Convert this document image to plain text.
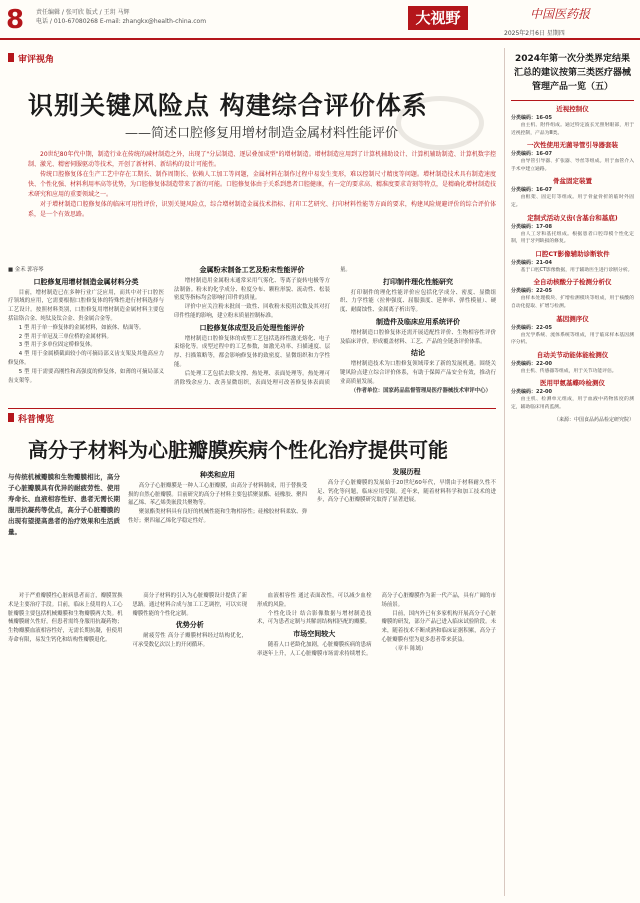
8 责任编辑 / 张可欣 版式 / 王玥 马辉
电话 / 010-67080268 E-mail: zhangkx@health-china.com	大视野	中国医药报
2025年2月6日 星期四
审评视角
识别关键风险点 构建综合评价体系
——简述口腔修复用增材制造金属材料性能评价

20世纪80年代中期，制造行业在传统的减材制造之外，出现了"分层制造、逐层叠加成型"的增材制造。增材制造应用到了计算机辅助设计、计算机辅助制造、计算机数字控制、激光、精密伺服驱动等技术，开创了新材料、新结构的设计可能性。

传统口腔修复体在生产工艺中存在工期长、制作周期长、依赖人工加工等问题，金属材料在制作过程中易发生变形，难以控制尺寸精度等问题。增材制造技术具有制造速度快、个性化强、材料利用率高等优势，为口腔修复体制造带来了新的可能。口腔修复体由于关系到患者口腔健康，有一定的要求高、精准度要求苛刻等特点，是精确化增材制造技术研究和应用的重要领域之一。

对于增材制造口腔修复体的临床可用性评价，识别关键风险点，综合增材制造金属技术指标、打印工艺研究、打印材料性能等方面的要求，构建风险规避评价的综合评价体系，是一个有效思路。

■ 金禾 郭容琴
口腔修复用增材制造金属材料分类

目前，增材制造已在多种行业广泛应用，而其中对于口腔医疗领域的应用，它需要根据口腔修复体的特殊性进行材料选择与工艺设计。按照材料类别，口腔修复用增材制造金属材料主要包括钴铬合金、纯钛及钛合金、贵金属合金等。

1 型 用于单一修复体的金属材料，如嵌体、贴面等。

2 型 用于单冠及三单位桥的金属材料。

3 型 用于多单位固定桥修复体。

4 型 用于金属横截面较小的可摘局部义齿支架及其他高应力修复体。

5 型 用于需要高刚性和高强度的修复体，如薄的可摘局部义齿支架等。

金属粉末制备工艺及粉末性能评价

增材制造用金属粉末通常采用气雾化、等离子旋转电极等方法制备。粉末的化学成分、粒度分布、颗粒形貌、流动性、松装密度等指标均会影响打印件的质量。

评价中应关注粉末批间一致性、回收粉末使用次数及其对打印件性能的影响，建立粉末质量控制标准。

口腔修复体成型及后处理性能评价

增材制造口腔修复体的成型工艺包括选择性激光熔化、电子束熔化等。成型过程中的工艺参数，如激光功率、扫描速度、层厚、扫描策略等，都会影响修复体的致密度、显微组织和力学性能。

后处理工艺包括去除支撑、热处理、表面处理等。热处理可消除残余应力、改善显微组织，表面处理可改善修复体表面质量。

打印制件理化性能研究

打印制件的理化性能评价应包括化学成分、密度、显微组织、力学性能（拉伸强度、屈服强度、延伸率、弹性模量）、硬度、耐腐蚀性、金属离子析出等。

制造件及临床应用系统评价

增材制造口腔修复体还需开展适配性评价、生物相容性评价及临床评价，形成覆盖材料、工艺、产品的全链条评价体系。

结论

增材制造技术为口腔修复领域带来了新的发展机遇。围绕关键风险点建立综合评价体系，有助于保障产品安全有效，推动行业高质量发展。

（作者单位：国家药品监督管理局医疗器械技术审评中心）

科普博览
高分子材料为心脏瓣膜疾病个性化治疗提供可能
与传统机械瓣膜和生物瓣膜相比，高分子心脏瓣膜具有优异的耐疲劳性、使用寿命长、血液相容性好、患者无需长期服用抗凝药等优点，高分子心脏瓣膜的出现有望提高患者的治疗效果和生活质量。
种类和应用

高分子心脏瓣膜是一种人工心脏瓣膜，由高分子材料制成，用于替换受损的自然心脏瓣膜。目前研究的高分子材料主要包括聚氨酯、硅橡胶、聚四氟乙烯、苯乙烯类嵌段共聚物等。

聚氨酯类材料具有良好的机械性能和生物相容性；硅橡胶材料柔软、弹性好；聚四氟乙烯化学稳定性好。

发展历程

高分子心脏瓣膜的发展始于20世纪60年代，早期由于材料耐久性不足、钙化等问题，临床应用受限。近年来，随着材料科学和加工技术的进步，高分子心脏瓣膜研究取得了显著进展。

对于严重瓣膜性心脏病患者而言，瓣膜置换术是主要治疗手段。目前，临床上使用的人工心脏瓣膜主要包括机械瓣膜和生物瓣膜两大类。机械瓣膜耐久性好，但患者需终身服用抗凝药物；生物瓣膜血液相容性好，无需长期抗凝，但使用寿命有限，易发生钙化和结构性瓣膜退化。

高分子材料的引入为心脏瓣膜设计提供了新思路。通过材料合成与加工工艺调控，可以实现瓣膜性能的个性化定制。

优势分析

耐疲劳性 高分子瓣膜材料经过结构优化，可承受数亿次以上的开闭循环。

血液相容性 通过表面改性，可以减少血栓形成的风险。

个性化设计 结合影像数据与增材制造技术，可为患者定制与其解剖结构相匹配的瓣膜。

市场空间较大

随着人口老龄化加剧，心脏瓣膜疾病的患病率逐年上升，人工心脏瓣膜市场需求持续增长。高分子心脏瓣膜作为新一代产品，具有广阔的市场前景。

目前，国内外已有多家机构开展高分子心脏瓣膜的研发，部分产品已进入临床试验阶段。未来，随着技术不断成熟和临床证据积累，高分子心脏瓣膜有望为更多患者带来获益。

（章丰 陈嫣）

2024年第一次分类界定结果汇总的建议按第三类医疗器械管理产品一览（五）
近视控制仪
分类编码：16-05

由主机、附件组成。通过特定波长光照射眼部，用于近视控制，产品为Ⅲ类。

一次性使用无菌导管引导器套装
分类编码：16-07

由导管引导器、扩张器、导丝等组成。用于血管介入手术中建立通路。

骨盆固定装置
分类编码：16-07

由框架、固定钉等组成。用于骨盆骨折的临时外固定。

定制式活动义齿(含基台和基底)
分类编码：17-08

由人工牙和基托组成。根据患者口腔印模个性化定制，用于牙列缺损的修复。

口腔CT影像辅助诊断软件
分类编码：21-04

基于口腔CT影像数据，用于辅助医生进行诊断分析。

全自动核酸分子检测分析仪
分类编码：22-05

由样本处理模块、扩增检测模块等组成，用于核酸的自动化提取、扩增与检测。

基因测序仪
分类编码：22-05

由光学系统、流体系统等组成，用于临床样本基因测序分析。

自动关节动能体能检测仪
分类编码：22-00

由主机、传感器等组成，用于关节功能评估。

医用甲氨基蝶呤检测仪
分类编码：22-00

由主机、检测单元组成，用于血液中药物浓度的测定，辅助临床用药监测。

（来源：中国食品药品检定研究院）
